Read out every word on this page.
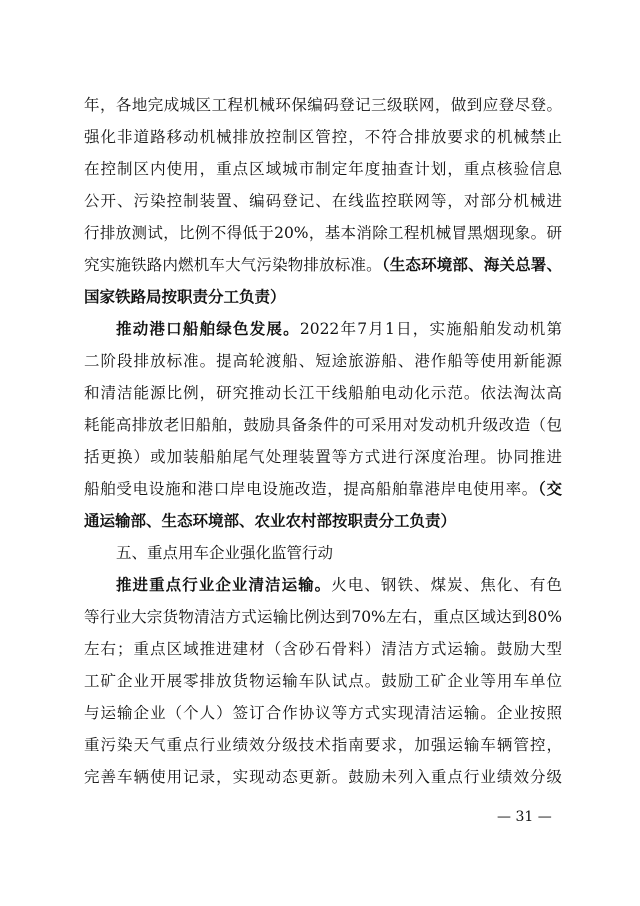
年，各地完成城区工程机械环保编码登记三级联网，做到应登尽登。
强化非道路移动机械排放控制区管控，不符合排放要求的机械禁止
在控制区内使用，重点区域城市制定年度抽查计划，重点核验信息
公开、污染控制装置、编码登记、在线监控联网等，对部分机械进
行排放测试，比例不得低于20%，基本消除工程机械冒黑烟现象。研
究实施铁路内燃机车大气污染物排放标准。（生态环境部、海关总署、
国家铁路局按职责分工负责）
推动港口船舶绿色发展。2022年7月1日，实施船舶发动机第
二阶段排放标准。提高轮渡船、短途旅游船、港作船等使用新能源
和清洁能源比例，研究推动长江干线船舶电动化示范。依法淘汰高
耗能高排放老旧船舶，鼓励具备条件的可采用对发动机升级改造（包
括更换）或加装船舶尾气处理装置等方式进行深度治理。协同推进
船舶受电设施和港口岸电设施改造，提高船舶靠港岸电使用率。（交
通运输部、生态环境部、农业农村部按职责分工负责）
五、重点用车企业强化监管行动
推进重点行业企业清洁运输。火电、钢铁、煤炭、焦化、有色
等行业大宗货物清洁方式运输比例达到70%左右，重点区域达到80%
左右；重点区域推进建材（含砂石骨料）清洁方式运输。鼓励大型
工矿企业开展零排放货物运输车队试点。鼓励工矿企业等用车单位
与运输企业（个人）签订合作协议等方式实现清洁运输。企业按照
重污染天气重点行业绩效分级技术指南要求，加强运输车辆管控，
完善车辆使用记录，实现动态更新。鼓励未列入重点行业绩效分级
— 31 —
